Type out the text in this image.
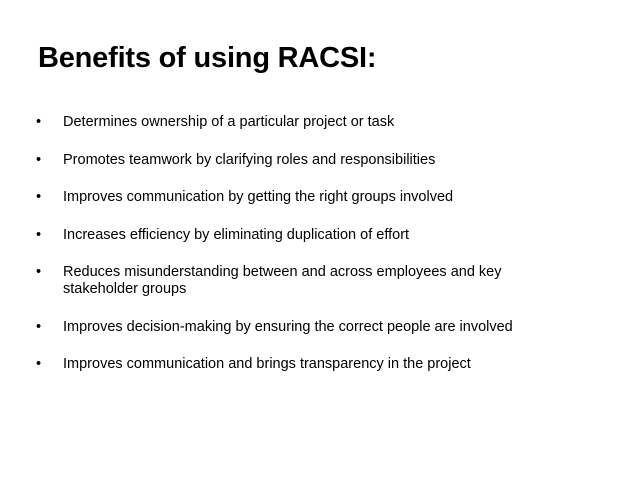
Benefits of using RACSI:
•	Determines ownership of a particular project or task
•	Promotes teamwork by clarifying roles and responsibilities
•	Improves communication by getting the right groups involved
•	Increases efficiency by eliminating duplication of effort
•	Reduces misunderstanding between and across employees and key stakeholder groups
•	Improves decision-making by ensuring the correct people are involved
•	Improves communication and brings transparency in the project
